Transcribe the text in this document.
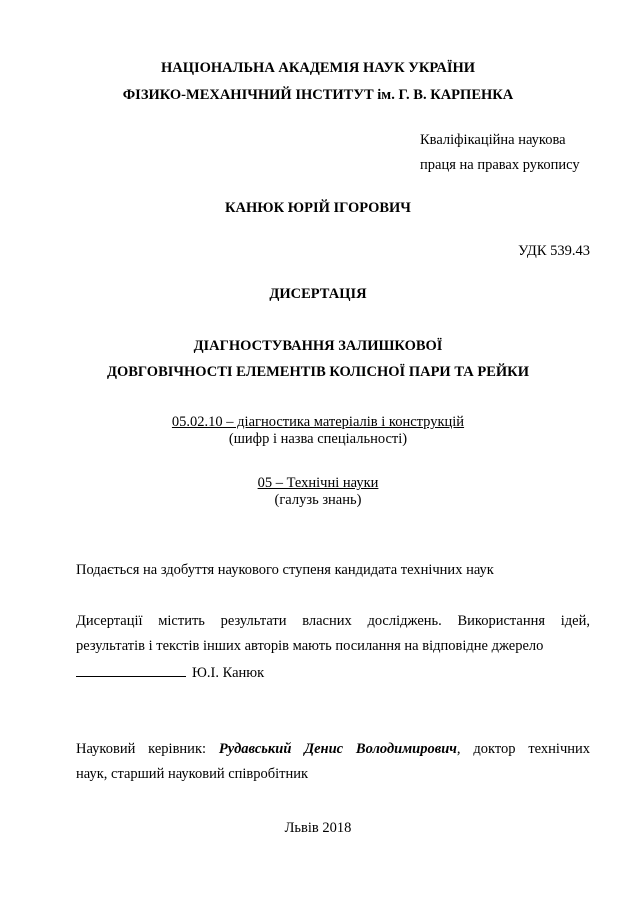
НАЦІОНАЛЬНА АКАДЕМІЯ НАУК УКРАЇНИ
ФІЗИКО-МЕХАНІЧНИЙ ІНСТИТУТ ім. Г. В. КАРПЕНКА
Кваліфікаційна наукова
праця на правах рукопису
КАНЮК ЮРІЙ ІГОРОВИЧ
УДК 539.43
ДИСЕРТАЦІЯ
ДІАГНОСТУВАННЯ ЗАЛИШКОВОЇ
ДОВГОВІЧНОСТІ ЕЛЕМЕНТІВ КОЛІСНОЇ ПАРИ ТА РЕЙКИ
05.02.10 – діагностика матеріалів і конструкцій
(шифр і назва спеціальності)
05 – Технічні науки
(галузь знань)
Подається на здобуття наукового ступеня кандидата технічних наук
Дисертації містить результати власних досліджень. Використання ідей,
результатів і текстів інших авторів мають посилання на відповідне джерело
Ю.І. Канюк
Науковий керівник: Рудавський Денис Володимирович, доктор технічних
наук, старший науковий співробітник
Львів 2018
